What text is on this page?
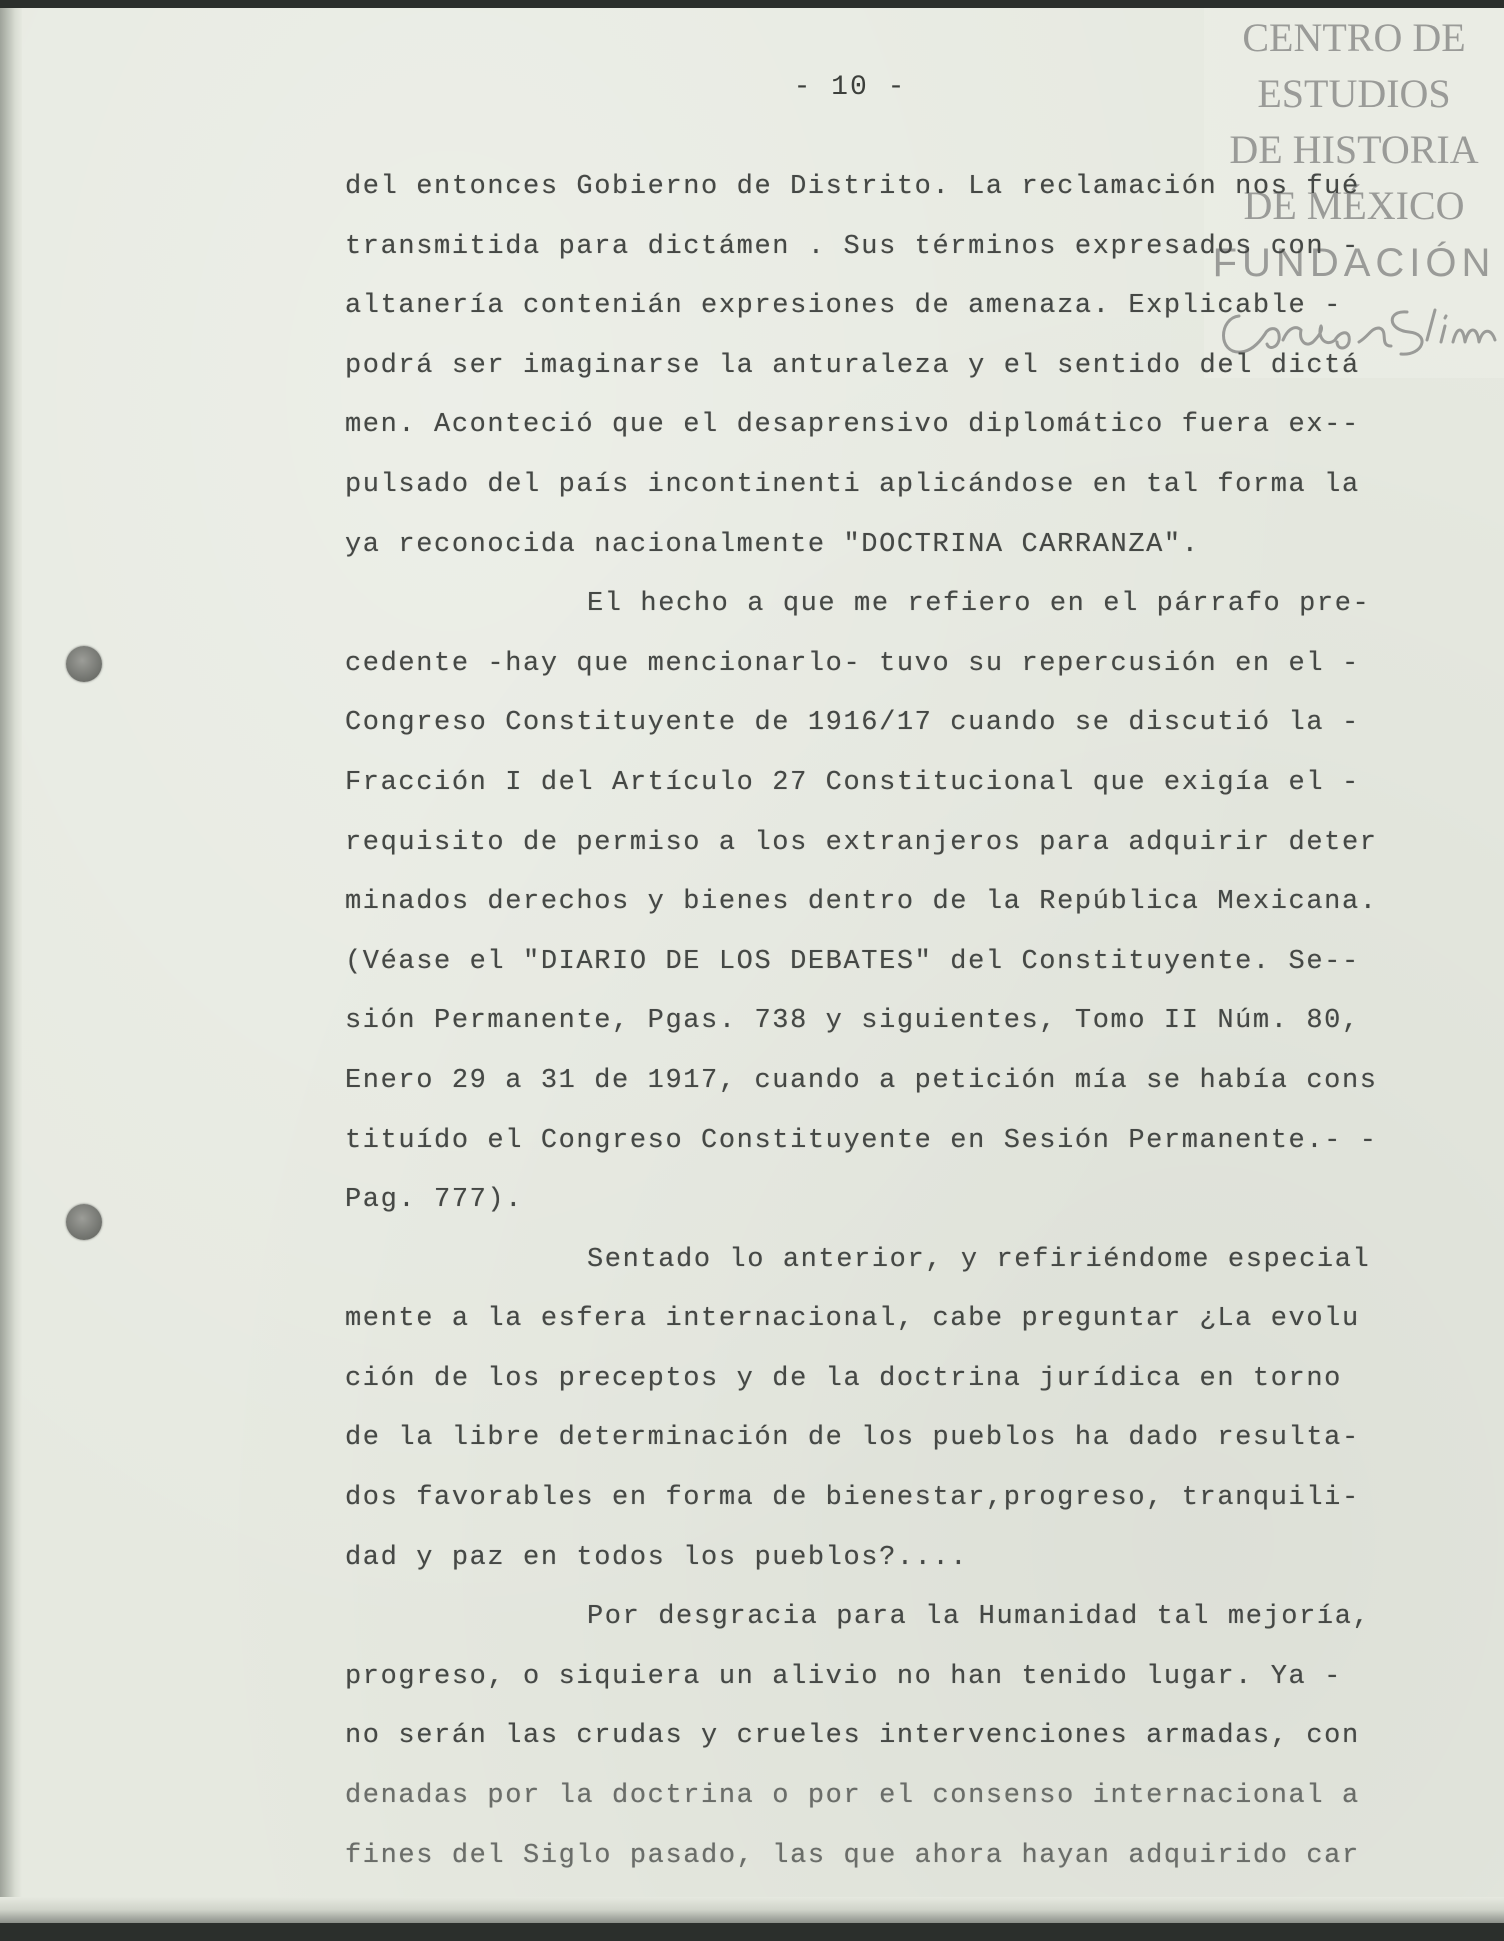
CENTRO DE
ESTUDIOS
DE HISTORIA
DE MÉXICO
FUNDACIÓN
- 10 -
del entonces Gobierno de Distrito. La reclamación nos fué
transmitida para dictámen . Sus términos expresados con -
altanería contenián expresiones de amenaza. Explicable -
podrá ser imaginarse la anturaleza y el sentido del dictá
men. Aconteció que el desaprensivo diplomático fuera ex--
pulsado del país incontinenti aplicándose en tal forma la
ya reconocida nacionalmente "DOCTRINA CARRANZA".
El hecho a que me refiero en el párrafo pre-
cedente -hay que mencionarlo- tuvo su repercusión en el -
Congreso Constituyente de 1916/17 cuando se discutió la -
Fracción I del Artículo 27 Constitucional que exigía el -
requisito de permiso a los extranjeros para adquirir deter
minados derechos y bienes dentro de la República Mexicana.
(Véase el "DIARIO DE LOS DEBATES" del Constituyente. Se--
sión Permanente, Pgas. 738 y siguientes, Tomo II Núm. 80,
Enero 29 a 31 de 1917, cuando a petición mía se había cons
tituído el Congreso Constituyente en Sesión Permanente.- -
Pag. 777).
Sentado lo anterior, y refiriéndome especial
mente a la esfera internacional, cabe preguntar ¿La evolu
ción de los preceptos y de la doctrina jurídica en torno
de la libre determinación de los pueblos ha dado resulta-
dos favorables en forma de bienestar,progreso, tranquili-
dad y paz en todos los pueblos?....
Por desgracia para la Humanidad tal mejoría,
progreso, o siquiera un alivio no han tenido lugar. Ya -
no serán las crudas y crueles intervenciones armadas, con
denadas por la doctrina o por el consenso internacional a
fines del Siglo pasado, las que ahora hayan adquirido car
